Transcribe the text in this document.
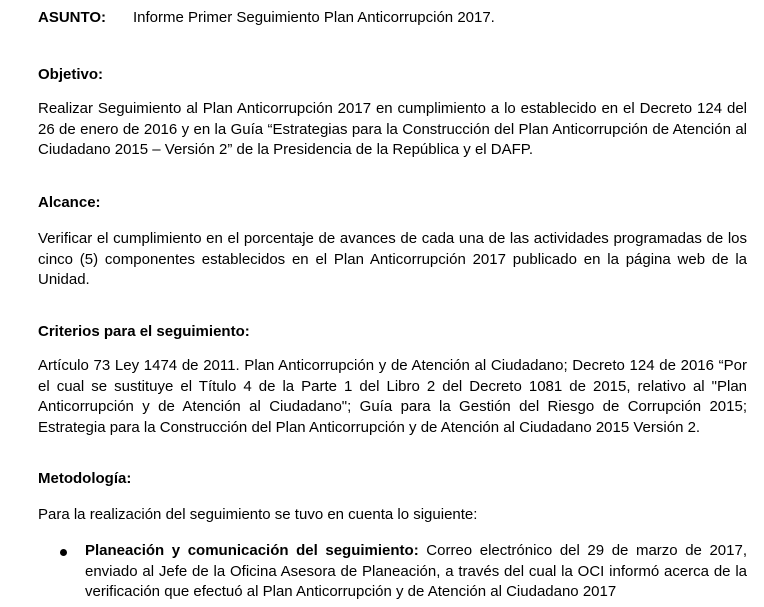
ASUNTO: Informe Primer Seguimiento Plan Anticorrupción 2017.
Objetivo:
Realizar Seguimiento al Plan Anticorrupción 2017 en cumplimiento a lo establecido en el Decreto 124 del 26 de enero de 2016 y en la Guía “Estrategias para la Construcción del Plan Anticorrupción de Atención al Ciudadano 2015 – Versión 2” de la Presidencia de la República y el DAFP.
Alcance:
Verificar el cumplimiento en el porcentaje de avances de cada una de las actividades programadas de los cinco (5) componentes establecidos en el Plan Anticorrupción 2017 publicado en la página web de la Unidad.
Criterios para el seguimiento:
Artículo 73 Ley 1474 de 2011. Plan Anticorrupción y de Atención al Ciudadano; Decreto 124 de 2016 “Por el cual se sustituye el Título 4 de la Parte 1 del Libro 2 del Decreto 1081 de 2015, relativo al "Plan Anticorrupción y de Atención al Ciudadano"; Guía para la Gestión del Riesgo de Corrupción 2015; Estrategia para la Construcción del Plan Anticorrupción y de Atención al Ciudadano 2015 Versión 2.
Metodología:
Para la realización del seguimiento se tuvo en cuenta lo siguiente:
Planeación y comunicación del seguimiento: Correo electrónico del 29 de marzo de 2017, enviado al Jefe de la Oficina Asesora de Planeación, a través del cual la OCI informó acerca de la verificación que efectuó al Plan Anticorrupción y de Atención al Ciudadano 2017
